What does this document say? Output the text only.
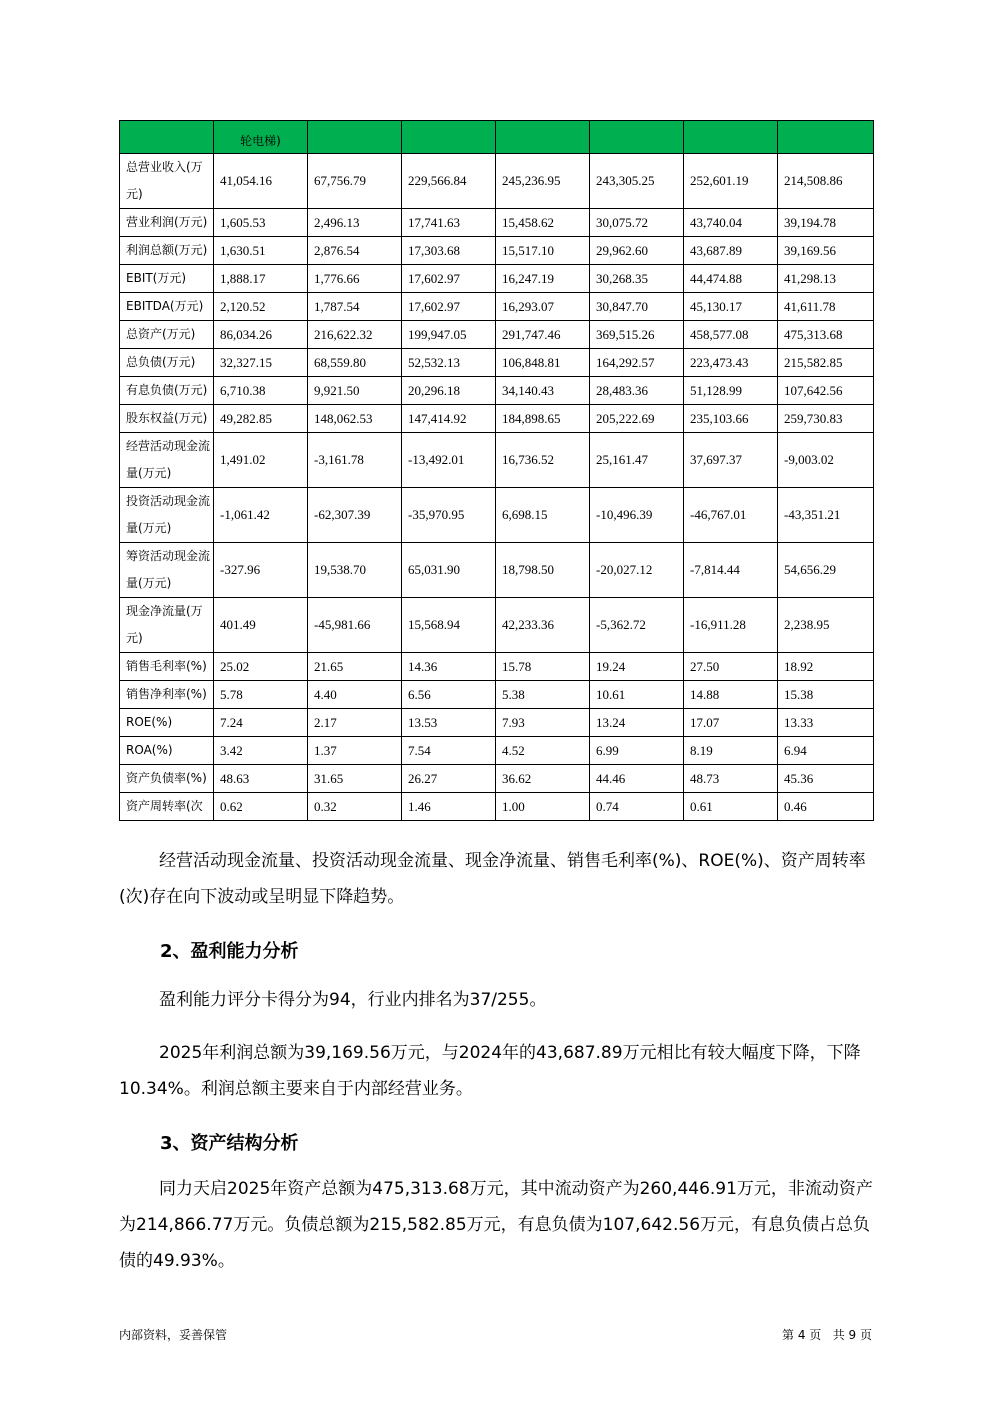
	轮电梯)						
总营业收入(万元)	41,054.16	67,756.79	229,566.84	245,236.95	243,305.25	252,601.19	214,508.86
营业利润(万元)	1,605.53	2,496.13	17,741.63	15,458.62	30,075.72	43,740.04	39,194.78
利润总额(万元)	1,630.51	2,876.54	17,303.68	15,517.10	29,962.60	43,687.89	39,169.56
EBIT(万元)	1,888.17	1,776.66	17,602.97	16,247.19	30,268.35	44,474.88	41,298.13
EBITDA(万元)	2,120.52	1,787.54	17,602.97	16,293.07	30,847.70	45,130.17	41,611.78
总资产(万元)	86,034.26	216,622.32	199,947.05	291,747.46	369,515.26	458,577.08	475,313.68
总负债(万元)	32,327.15	68,559.80	52,532.13	106,848.81	164,292.57	223,473.43	215,582.85
有息负债(万元)	6,710.38	9,921.50	20,296.18	34,140.43	28,483.36	51,128.99	107,642.56
股东权益(万元)	49,282.85	148,062.53	147,414.92	184,898.65	205,222.69	235,103.66	259,730.83
经营活动现金流量(万元)	1,491.02	-3,161.78	-13,492.01	16,736.52	25,161.47	37,697.37	-9,003.02
投资活动现金流量(万元)	-1,061.42	-62,307.39	-35,970.95	6,698.15	-10,496.39	-46,767.01	-43,351.21
筹资活动现金流量(万元)	-327.96	19,538.70	65,031.90	18,798.50	-20,027.12	-7,814.44	54,656.29
现金净流量(万元)	401.49	-45,981.66	15,568.94	42,233.36	-5,362.72	-16,911.28	2,238.95
销售毛利率(%)	25.02	21.65	14.36	15.78	19.24	27.50	18.92
销售净利率(%)	5.78	4.40	6.56	5.38	10.61	14.88	15.38
ROE(%)	7.24	2.17	13.53	7.93	13.24	17.07	13.33
ROA(%)	3.42	1.37	7.54	4.52	6.99	8.19	6.94
资产负债率(%)	48.63	31.65	26.27	36.62	44.46	48.73	45.36
资产周转率(次	0.62	0.32	1.46	1.00	0.74	0.61	0.46
经营活动现金流量、投资活动现金流量、现金净流量、销售毛利率(%)、ROE(%)、资产周转率(次)存在向下波动或呈明显下降趋势。
2、盈利能力分析
盈利能力评分卡得分为94，行业内排名为37/255。
2025年利润总额为39,169.56万元，与2024年的43,687.89万元相比有较大幅度下降，下降10.34%。利润总额主要来自于内部经营业务。
3、资产结构分析
同力天启2025年资产总额为475,313.68万元，其中流动资产为260,446.91万元，非流动资产为214,866.77万元。负债总额为215,582.85万元，有息负债为107,642.56万元，有息负债占总负债的49.93%。
内部资料，妥善保管	第 4 页   共 9 页
